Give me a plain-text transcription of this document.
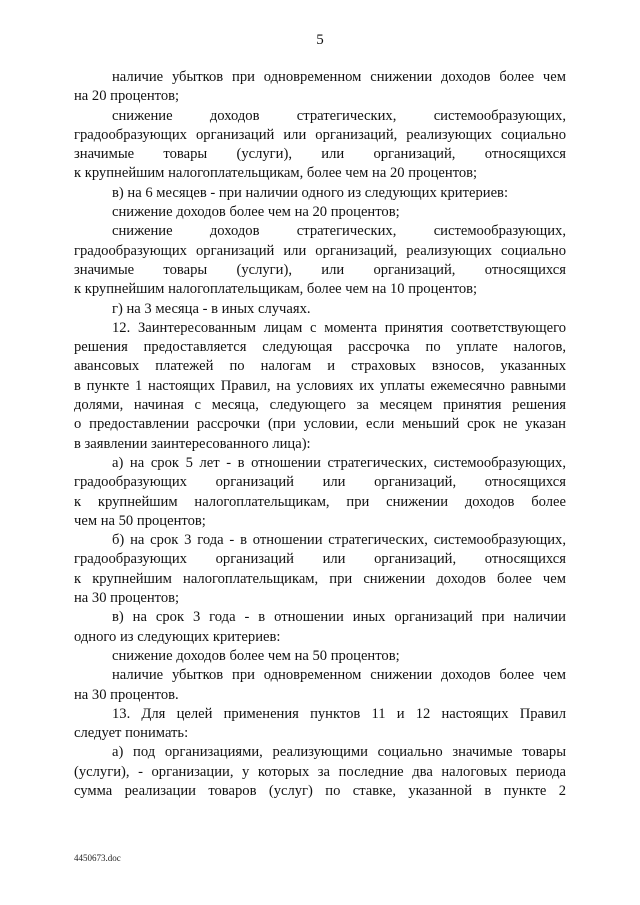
5
наличие убытков при одновременном снижении доходов более чем
на 20 процентов;
снижение доходов стратегических, системообразующих,
градообразующих организаций или организаций, реализующих социально
значимые товары (услуги), или организаций, относящихся
к крупнейшим налогоплательщикам, более чем на 20 процентов;
в) на 6 месяцев - при наличии одного из следующих критериев:
снижение доходов более чем на 20 процентов;
снижение доходов стратегических, системообразующих,
градообразующих организаций или организаций, реализующих социально
значимые товары (услуги), или организаций, относящихся
к крупнейшим налогоплательщикам, более чем на 10 процентов;
г) на 3 месяца - в иных случаях.
12. Заинтересованным лицам с момента принятия соответствующего
решения предоставляется следующая рассрочка по уплате налогов,
авансовых платежей по налогам и страховых взносов, указанных
в пункте 1 настоящих Правил, на условиях их уплаты ежемесячно равными
долями, начиная с месяца, следующего за месяцем принятия решения
о предоставлении рассрочки (при условии, если меньший срок не указан
в заявлении заинтересованного лица):
а) на срок 5 лет - в отношении стратегических, системообразующих,
градообразующих организаций или организаций, относящихся
к крупнейшим налогоплательщикам, при снижении доходов более
чем на 50 процентов;
б) на срок 3 года - в отношении стратегических, системообразующих,
градообразующих организаций или организаций, относящихся
к крупнейшим налогоплательщикам, при снижении доходов более чем
на 30 процентов;
в) на срок 3 года - в отношении иных организаций при наличии
одного из следующих критериев:
снижение доходов более чем на 50 процентов;
наличие убытков при одновременном снижении доходов более чем
на 30 процентов.
13. Для целей применения пунктов 11 и 12 настоящих Правил
следует понимать:
а) под организациями, реализующими социально значимые товары
(услуги), - организации, у которых за последние два налоговых периода
сумма реализации товаров (услуг) по ставке, указанной в пункте 2
4450673.doc
